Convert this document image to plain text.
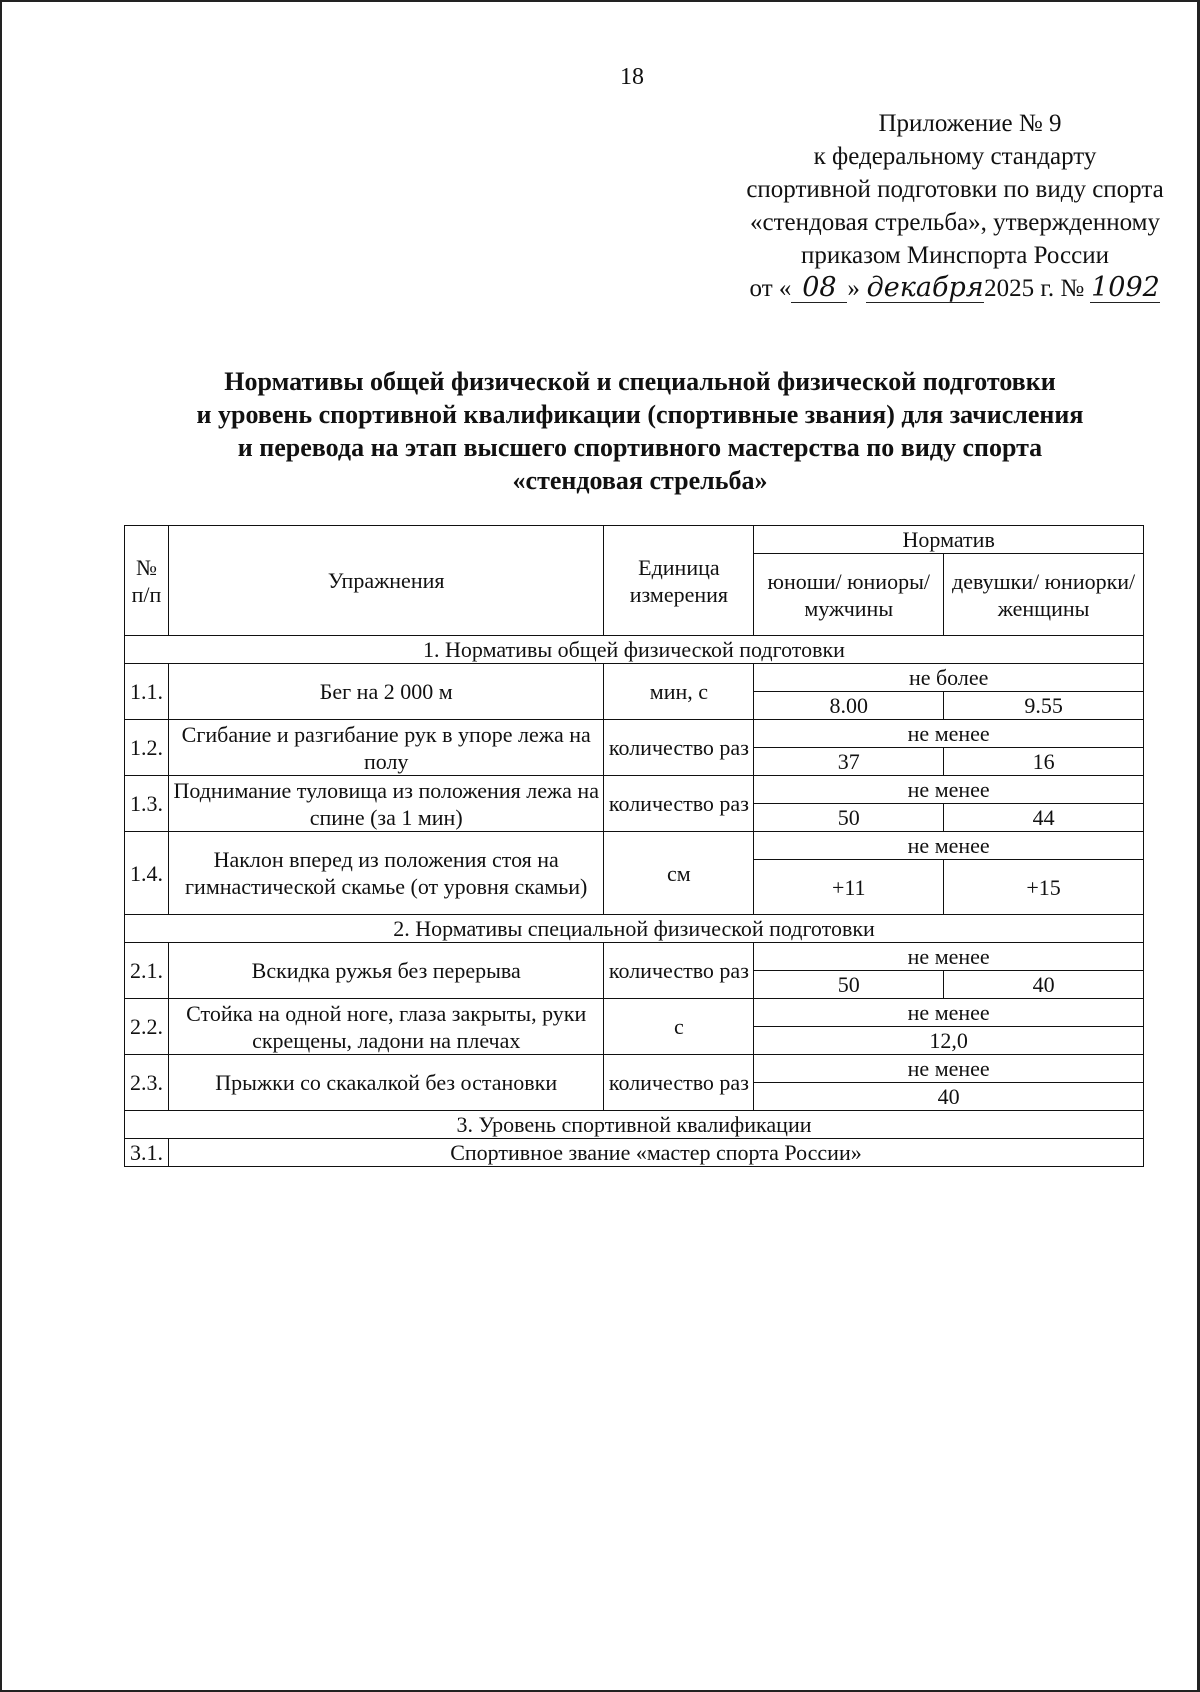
18
Приложение № 9
к федеральному стандарту
спортивной подготовки по виду спорта
«стендовая стрельба», утвержденному
приказом Минспорта России
от « 08 » декабря2025 г. № 1092
Нормативы общей физической и специальной физической подготовки
и уровень спортивной квалификации (спортивные звания) для зачисления
и перевода на этап высшего спортивного мастерства по виду спорта
«стендовая стрельба»
№ п/п	Упражнения	Единица измерения	Норматив	
			юноши/ юниоры/ мужчины	девушки/ юниорки/ женщины
1. Нормативы общей физической подготовки				
1.1.	Бег на 2 000 м	мин, с	не более	
			8.00	9.55
1.2.	Сгибание и разгибание рук в упоре лежа на полу	количество раз	не менее	
			37	16
1.3.	Поднимание туловища из положения лежа на спине (за 1 мин)	количество раз	не менее	
			50	44
1.4.	Наклон вперед из положения стоя на гимнастической скамье (от уровня скамьи)	см	не менее	
			+11	+15
2. Нормативы специальной физической подготовки				
2.1.	Вскидка ружья без перерыва	количество раз	не менее	
			50	40
2.2.	Стойка на одной ноге, глаза закрыты, руки скрещены, ладони на плечах	с	не менее	
			12,0	
2.3.	Прыжки со скакалкой без остановки	количество раз	не менее	
			40	
3. Уровень спортивной квалификации				
3.1.	Спортивное звание «мастер спорта России»			
